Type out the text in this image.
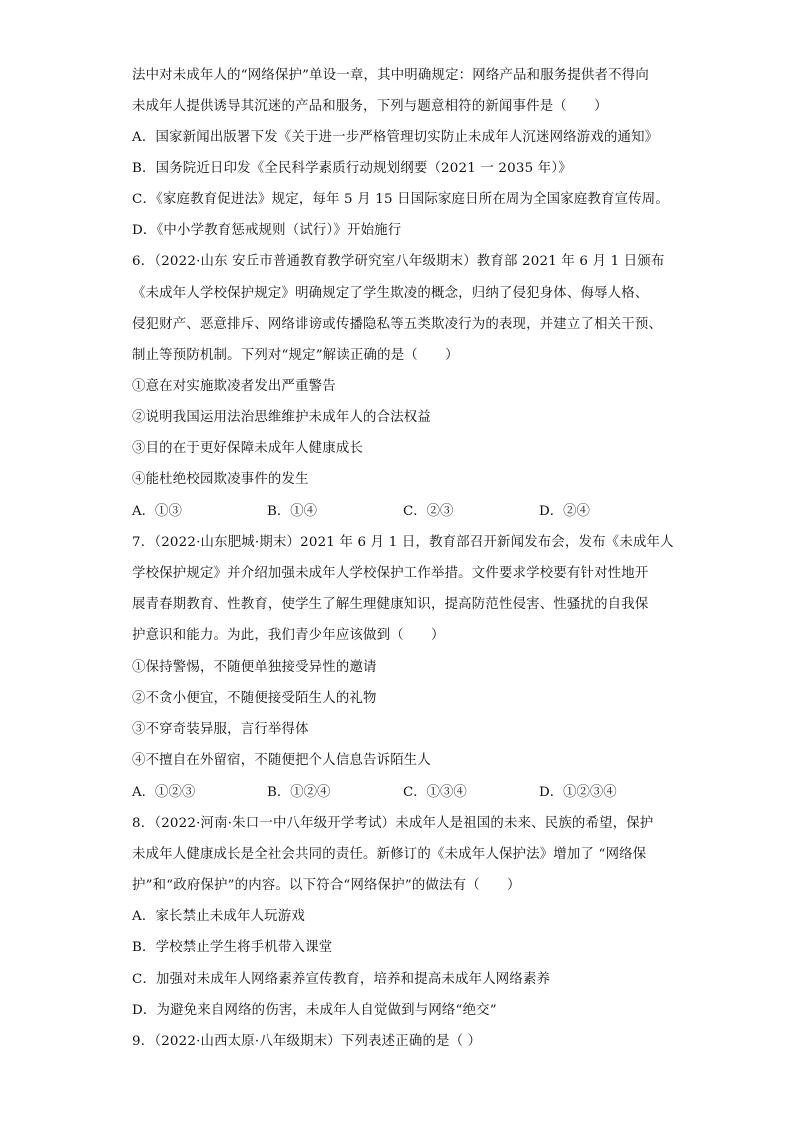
法中对未成年人的“网络保护”单设一章，其中明确规定：网络产品和服务提供者不得向
未成年人提供诱导其沉迷的产品和服务，下列与题意相符的新闻事件是（　　）
A．国家新闻出版署下发《关于进一步严格管理切实防止未成年人沉迷网络游戏的通知》
B．国务院近日印发《全民科学素质行动规划纲要（2021 一 2035 年）》
C．《家庭教育促进法》规定，每年 5 月 15 日国际家庭日所在周为全国家庭教育宣传周。
D．《中小学教育惩戒规则（试行）》开始施行
6．（2022·山东 安丘市普通教育教学研究室八年级期末）教育部 2021 年 6 月 1 日颁布
《未成年人学校保护规定》明确规定了学生欺凌的概念，归纳了侵犯身体、侮辱人格、
侵犯财产、恶意排斥、网络诽谤或传播隐私等五类欺凌行为的表现，并建立了相关干预、
制止等预防机制。下列对“规定”解读正确的是（　　）
①意在对实施欺凌者发出严重警告
②说明我国运用法治思维维护未成年人的合法权益
③目的在于更好保障未成年人健康成长
④能杜绝校园欺凌事件的发生
A．①③	B．①④	C．②③	D．②④
7．（2022·山东肥城·期末）2021 年 6 月 1 日，教育部召开新闻发布会，发布《未成年人
学校保护规定》并介绍加强未成年人学校保护工作举措。文件要求学校要有针对性地开
展青春期教育、性教育，使学生了解生理健康知识，提高防范性侵害、性骚扰的自我保
护意识和能力。为此，我们青少年应该做到（　　）
①保持警惕，不随便单独接受异性的邀请
②不贪小便宜，不随便接受陌生人的礼物
③不穿奇装异服，言行举得体
④不擅自在外留宿，不随便把个人信息告诉陌生人
A．①②③	B．①②④	C．①③④	D．①②③④
8．（2022·河南·朱口一中八年级开学考试）未成年人是祖国的未来、民族的希望，保护
未成年人健康成长是全社会共同的责任。新修订的《未成年人保护法》增加了 “网络保
护”和“政府保护”的内容。以下符合“网络保护”的做法有（　　）
A．家长禁止未成年人玩游戏
B．学校禁止学生将手机带入课堂
C．加强对未成年人网络素养宣传教育，培养和提高未成年人网络素养
D．为避免来自网络的伤害，未成年人自觉做到与网络“绝交”
9．（2022·山西太原·八年级期末）下列表述正确的是（ ）
